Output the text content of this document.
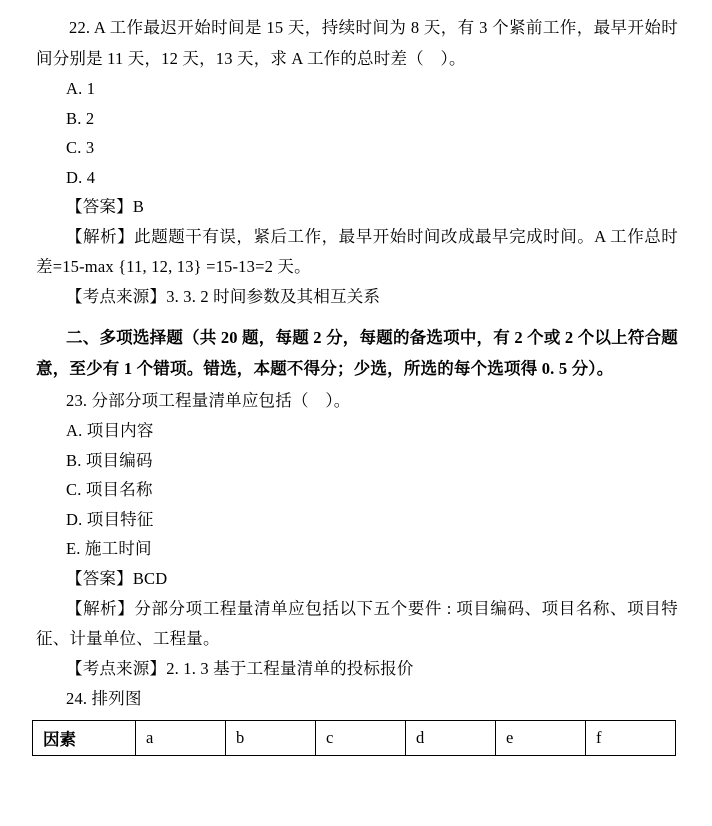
22. A 工作最迟开始时间是 15 天，持续时间为 8 天，有 3 个紧前工作，最早开始时间分别是 11 天，12 天，13 天，求 A 工作的总时差（　）。

A. 1

B. 2

C. 3

D. 4

【答案】B

【解析】此题题干有误，紧后工作，最早开始时间改成最早完成时间。A 工作总时差=15-max {11, 12, 13} =15-13=2 天。

【考点来源】3. 3. 2 时间参数及其相互关系

二、多项选择题（共 20 题，每题 2 分，每题的备选项中，有 2 个或 2 个以上符合题意，至少有 1 个错项。错选，本题不得分；少选，所选的每个选项得 0. 5 分）。

23. 分部分项工程量清单应包括（　）。

A. 项目内容

B. 项目编码

C. 项目名称

D. 项目特征

E. 施工时间

【答案】BCD

【解析】分部分项工程量清单应包括以下五个要件 : 项目编码、项目名称、项目特征、计量单位、工程量。

【考点来源】2. 1. 3 基于工程量清单的投标报价

24. 排列图

因素	a	b	c	d	e	f
